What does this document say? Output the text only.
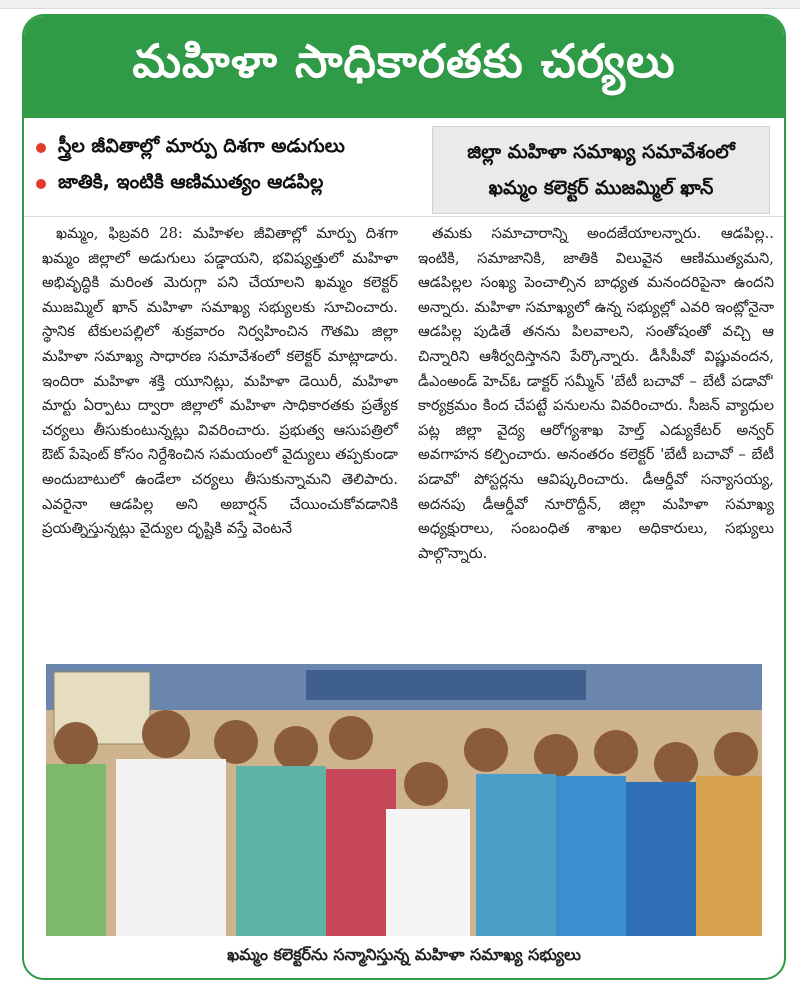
మహిళా సాధికారతకు చర్యలు
స్త్రీల జీవితాల్లో మార్పు దిశగా అడుగులు
జాతికి, ఇంటికి ఆణిముత్యం ఆడపిల్ల
జిల్లా మహిళా సమాఖ్య సమావేశంలో
ఖమ్మం కలెక్టర్ ముజమ్మిల్ ఖాన్

ఖమ్మం, ఫిబ్రవరి 28: మహిళల జీవితాల్లో మార్పు దిశగా ఖమ్మం జిల్లాలో అడుగులు పడ్డాయని, భవిష్యత్తులో మహిళా అభివృద్ధికి మరింత మెరుగ్గా పని చేయాలని ఖమ్మం కలెక్టర్ ముజమ్మిల్ ఖాన్ మహిళా సమాఖ్య సభ్యులకు సూచించారు. స్థానిక టేకులపల్లిలో శుక్రవారం నిర్వహించిన గౌతమి జిల్లా మహిళా సమాఖ్య సాధారణ సమావేశంలో కలెక్టర్ మాట్లాడారు. ఇందిరా మహిళా శక్తి యూనిట్లు, మహిళా డెయిరీ, మహిళా మార్టు ఏర్పాటు ద్వారా జిల్లాలో మహిళా సాధికారతకు ప్రత్యేక చర్యలు తీసుకుంటున్నట్లు వివరించారు. ప్రభుత్వ ఆసుపత్రిలో ఔట్ పేషెంట్ కోసం నిర్దేశించిన సమయంలో వైద్యులు తప్పకుండా అందుబాటులో ఉండేలా చర్యలు తీసుకున్నామని తెలిపారు. ఎవరైనా ఆడపిల్ల అని అబార్షన్ చేయించుకోవడానికి ప్రయత్నిస్తున్నట్లు వైద్యుల దృష్టికి వస్తే వెంటనే

తమకు సమాచారాన్ని అందజేయాలన్నారు. ఆడపిల్ల.. ఇంటికి, సమాజానికి, జాతికి విలువైన ఆణిముత్యమని, ఆడపిల్లల సంఖ్య పెంచాల్సిన బాధ్యత మనందరిపైనా ఉందని అన్నారు. మహిళా సమాఖ్యలో ఉన్న సభ్యుల్లో ఎవరి ఇంట్లోనైనా ఆడపిల్ల పుడితే తనను పిలవాలని, సంతోషంతో వచ్చి ఆ చిన్నారిని ఆశీర్వదిస్తానని పేర్కొన్నారు. డీసీపీవో విష్ణువందన, డీఎంఅండ్ హెచ్ఓ డాక్టర్ సమ్మీన్ 'బేటీ బచావో – బేటీ పడావో' కార్యక్రమం కింద చేపట్టే పనులను వివరించారు. సీజన్ వ్యాధుల పట్ల జిల్లా వైద్య ఆరోగ్యశాఖ హెల్త్ ఎడ్యుకేటర్ అన్వర్ అవగాహన కల్పించారు. అనంతరం కలెక్టర్ 'బేటీ బచావో – బేటీ పడావో' పోస్టర్లను ఆవిష్కరించారు. డీఆర్డీవో సన్యాసయ్య, అదనపు డీఆర్డీవో నూరొద్దీన్, జిల్లా మహిళా సమాఖ్య అధ్యక్షురాలు, సంబంధిత శాఖల అధికారులు, సభ్యులు పాల్గొన్నారు.

ఖమ్మం కలెక్టర్‌ను సన్మానిస్తున్న మహిళా సమాఖ్య సభ్యులు
